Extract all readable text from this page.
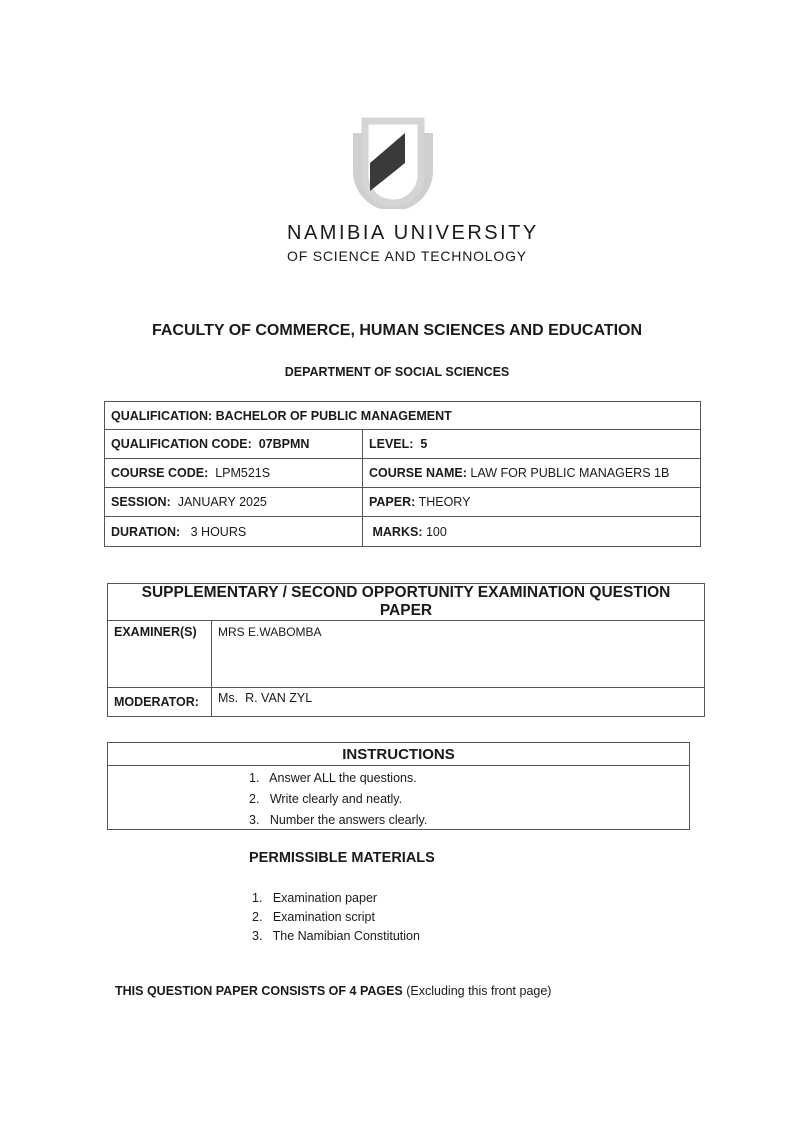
NAMIBIA UNIVERSITY
OF SCIENCE AND TECHNOLOGY
FACULTY OF COMMERCE, HUMAN SCIENCES AND EDUCATION
DEPARTMENT OF SOCIAL SCIENCES
QUALIFICATION: BACHELOR OF PUBLIC MANAGEMENT	
QUALIFICATION CODE: 07BPMN	LEVEL: 5
COURSE CODE: LPM521S	COURSE NAME: LAW FOR PUBLIC MANAGERS 1B
SESSION: JANUARY 2025	PAPER: THEORY
DURATION: 3 HOURS	MARKS: 100
SUPPLEMENTARY / SECOND OPPORTUNITY EXAMINATION QUESTION PAPER	
EXAMINER(S)	MRS E.WABOMBA
MODERATOR:	Ms.  R. VAN ZYL
INSTRUCTIONS
1.   Answer ALL the questions.
2.   Write clearly and neatly.
3.   Number the answers clearly.
PERMISSIBLE MATERIALS
1.   Examination paper
2.   Examination script
3.   The Namibian Constitution
THIS QUESTION PAPER CONSISTS OF 4 PAGES (Excluding this front page)
